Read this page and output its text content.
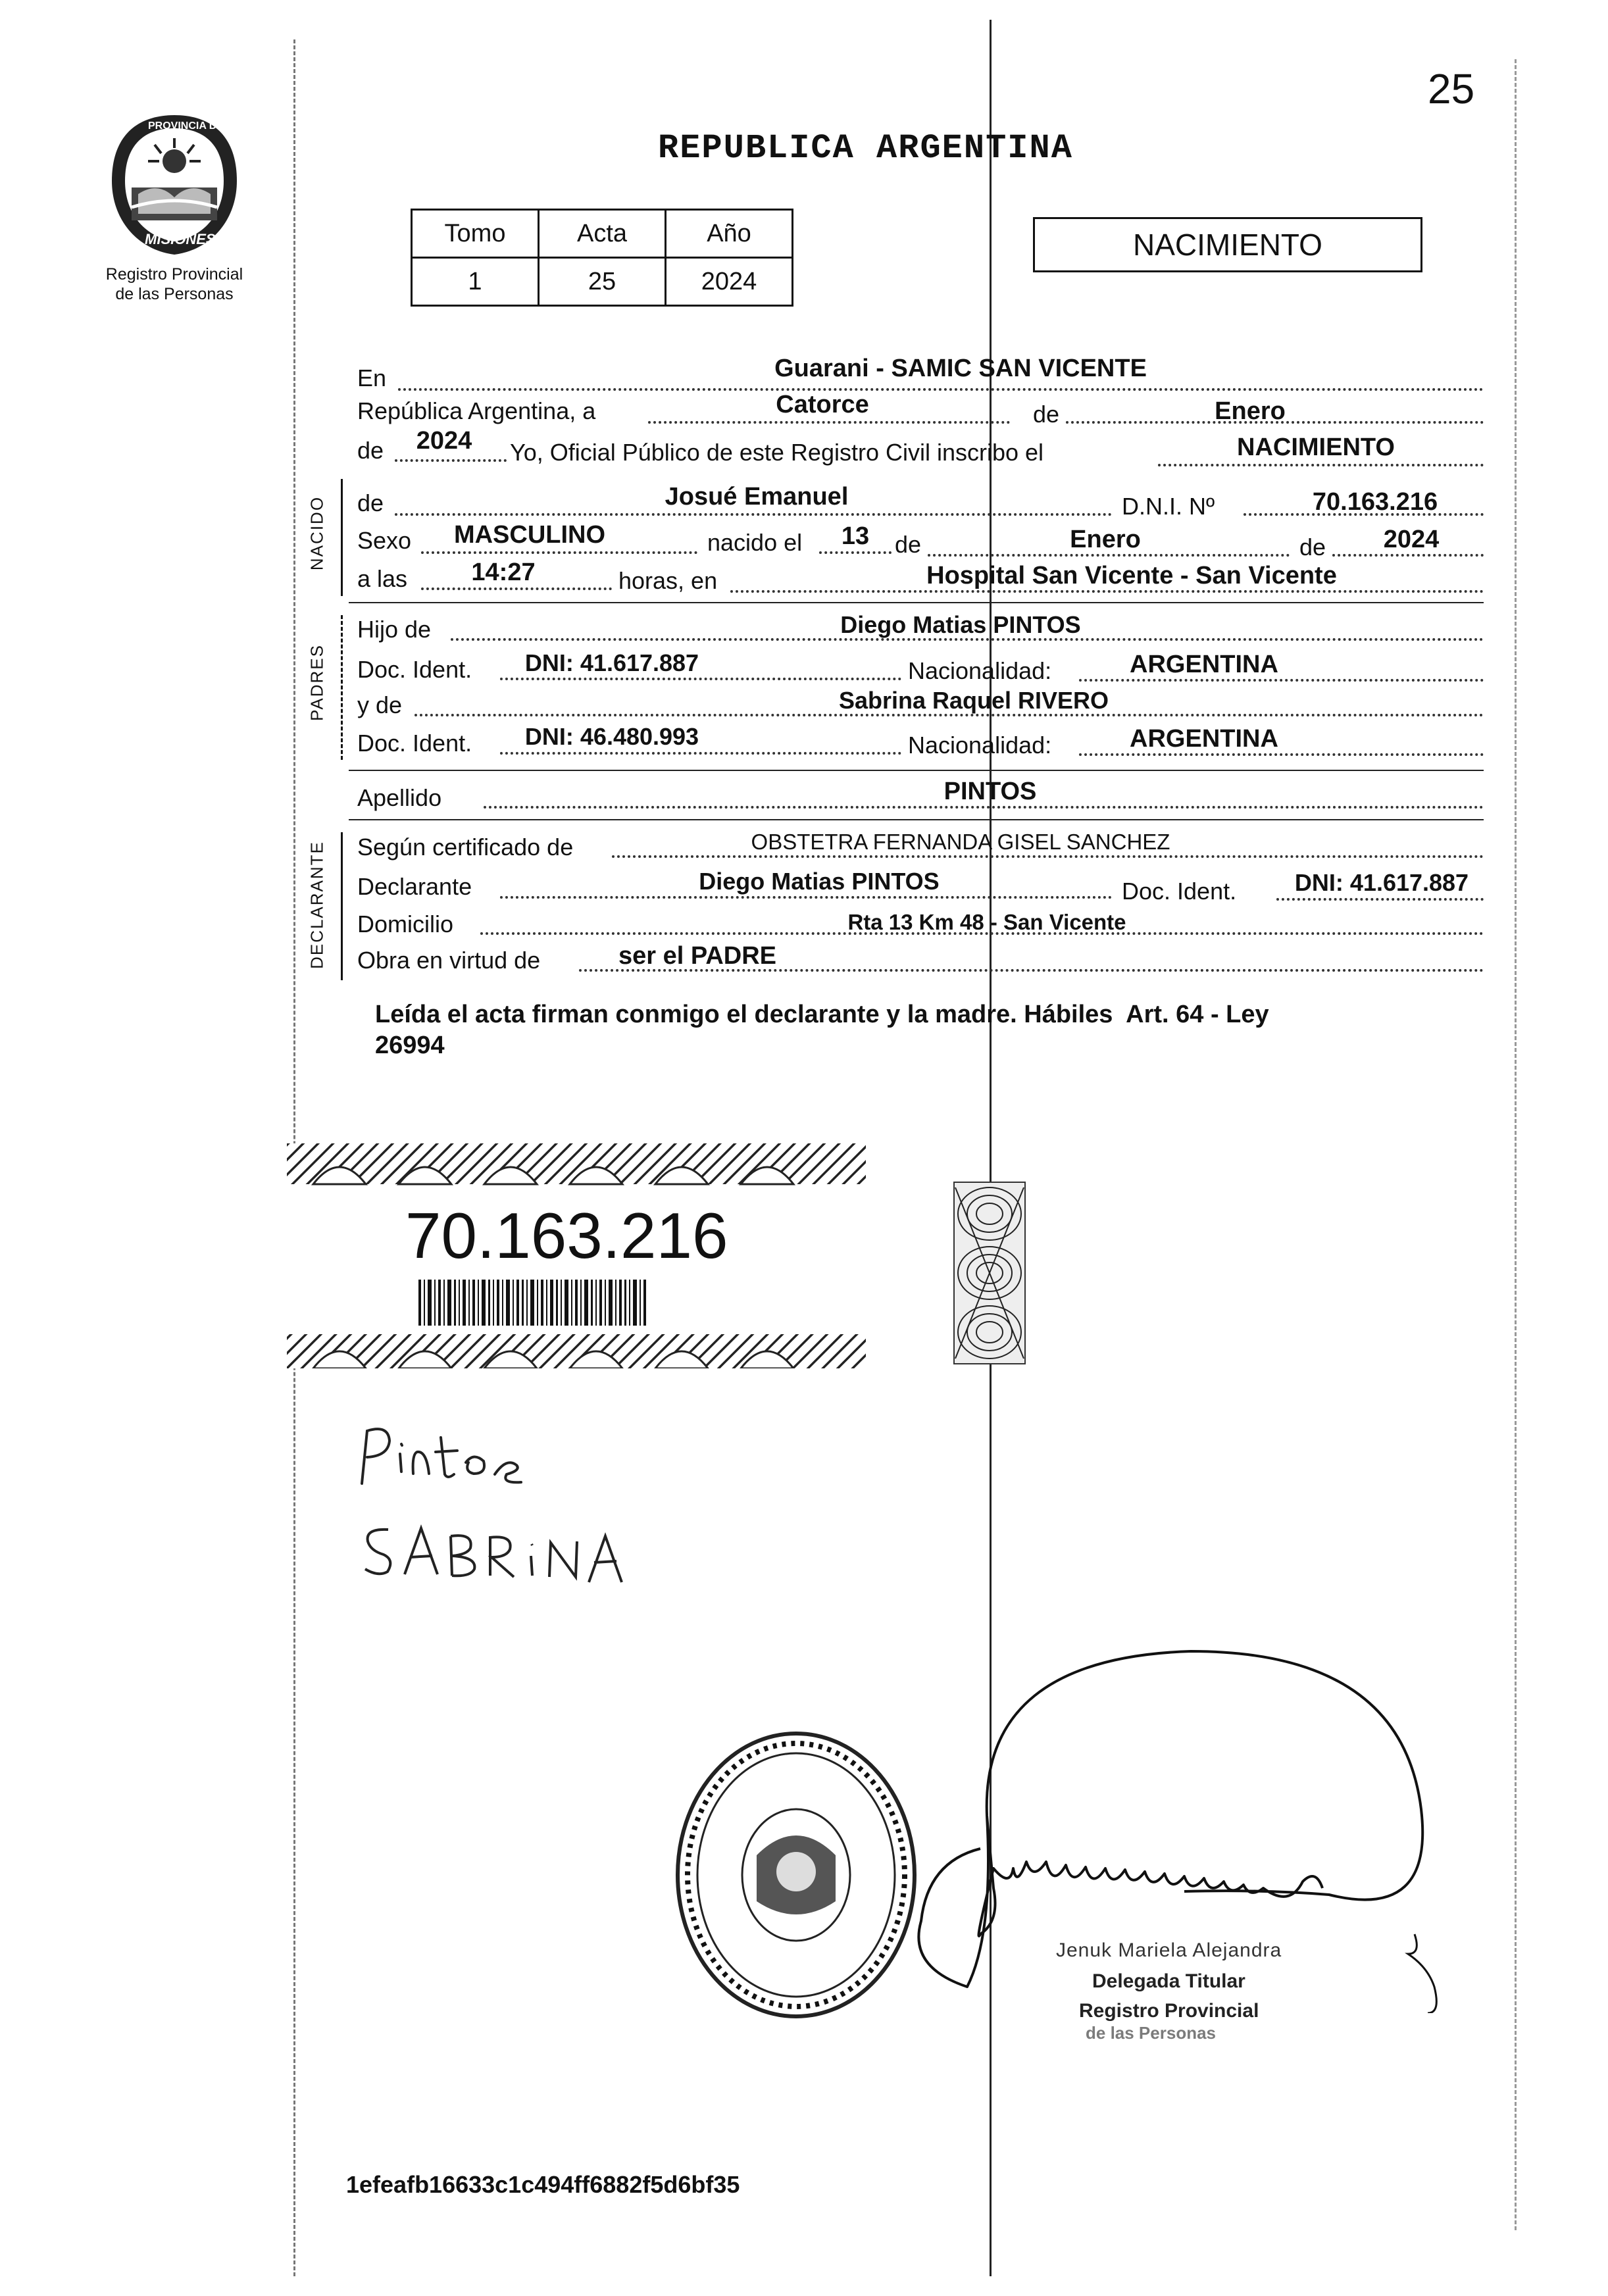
25
PROVINCIA DE
MISIONES
Registro Provincial
de las Personas
REPUBLICA ARGENTINA
Tomo	Acta	Año
1	25	2024
NACIMIENTO
En	Guarani - SAMIC SAN VICENTE
República Argentina, a	Catorce	de	Enero
de	2024	Yo, Oficial Público de este Registro Civil inscribo el	NACIMIENTO
NACIDO de	Josué Emanuel	D.N.I. Nº	70.163.216
Sexo	MASCULINO	nacido el	13	de	Enero	de	2024
a las	14:27	horas, en	Hospital San Vicente - San Vicente
PADRES
Hijo de	Diego Matias PINTOS
Doc. Ident.	DNI: 41.617.887	Nacionalidad:	ARGENTINA
y de	Sabrina Raquel RIVERO
Doc. Ident.	DNI: 46.480.993	Nacionalidad:	ARGENTINA
Apellido	PINTOS
DECLARANTE Según certificado de	OBSTETRA FERNANDA GISEL SANCHEZ
Declarante	Diego Matias PINTOS	Doc. Ident.	DNI: 41.617.887
Domicilio	Rta 13 Km 48 - San Vicente
Obra en virtud de	ser el PADRE
Leída el acta firman conmigo el declarante y la madre. Hábiles  Art. 64 - Ley
26994
70.163.216
Jenuk Mariela Alejandra
Delegada Titular
Registro Provincial
de las Personas
1efeafb16633c1c494ff6882f5d6bf35
